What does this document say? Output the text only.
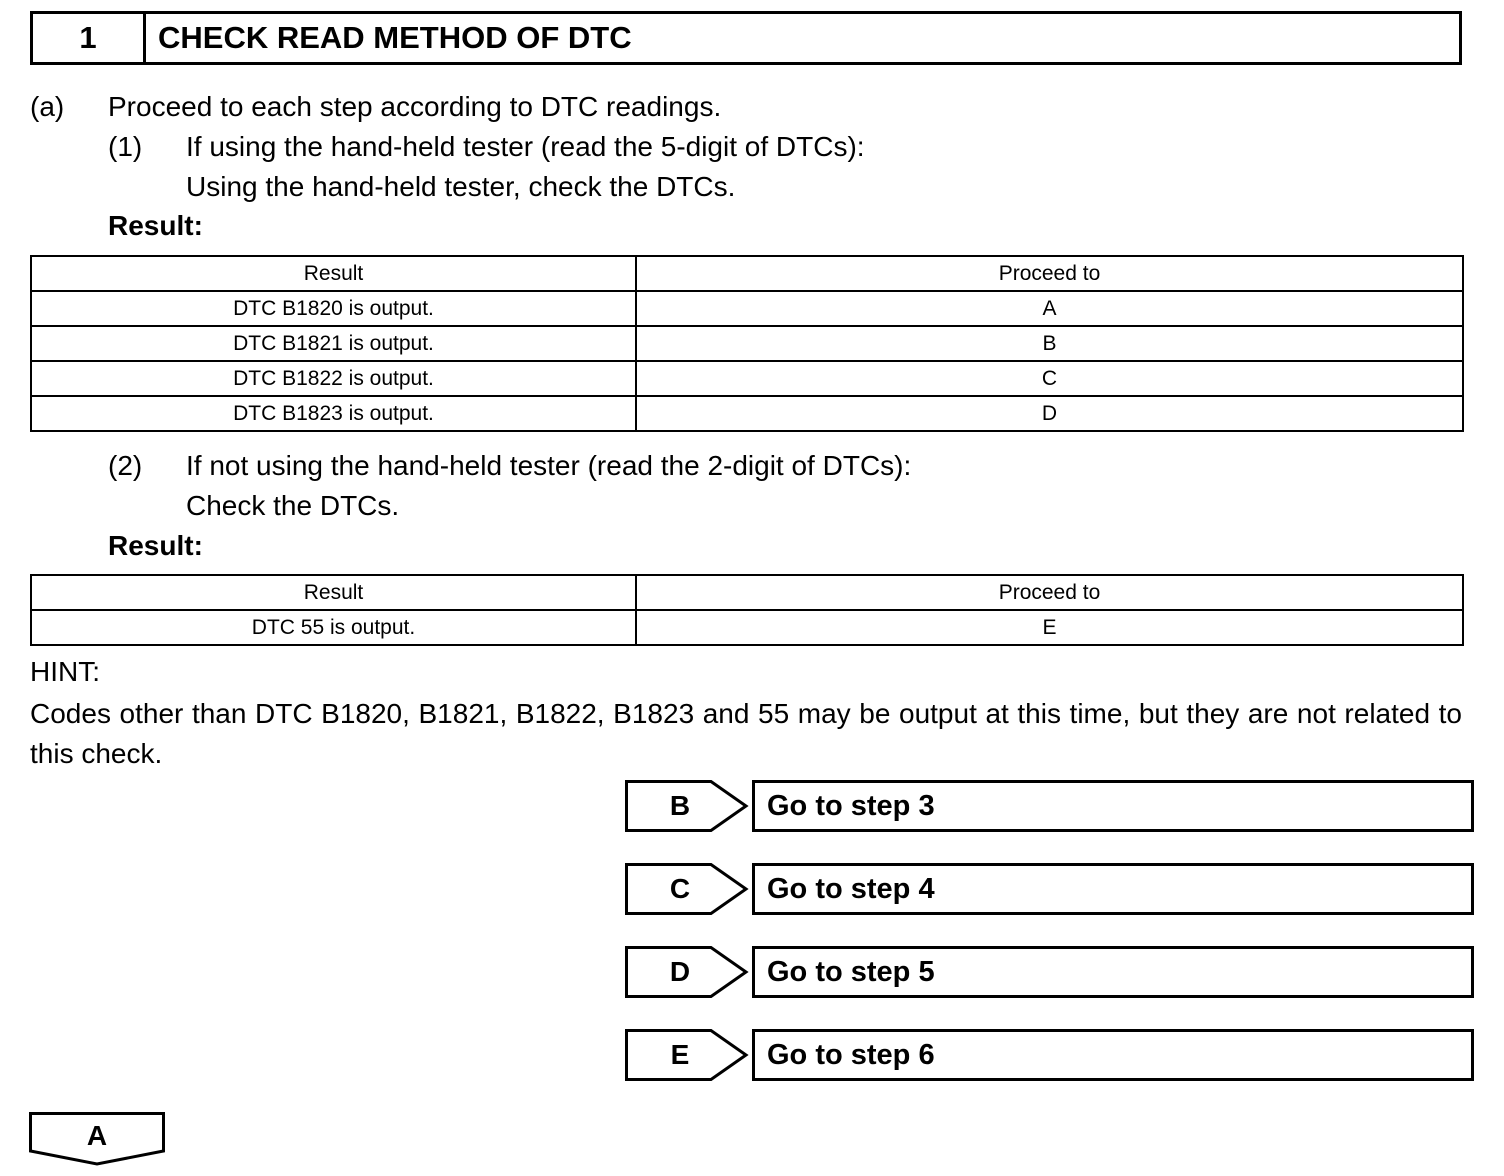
1	CHECK READ METHOD OF DTC
(a) Proceed to each step according to DTC readings.
(1) If using the hand-held tester (read the 5-digit of DTCs):
Using the hand-held tester, check the DTCs.
Result:
Result	Proceed to
DTC B1820 is output.	A
DTC B1821 is output.	B
DTC B1822 is output.	C
DTC B1823 is output.	D
(2) If not using the hand-held tester (read the 2-digit of DTCs):
Check the DTCs.
Result:
Result	Proceed to
DTC 55 is output.	E
HINT:
Codes other than DTC B1820, B1821, B1822, B1823 and 55 may be output at this time, but they are not related to this check.
B	Go to step 3
C	Go to step 4
D	Go to step 5
E	Go to step 6
A
